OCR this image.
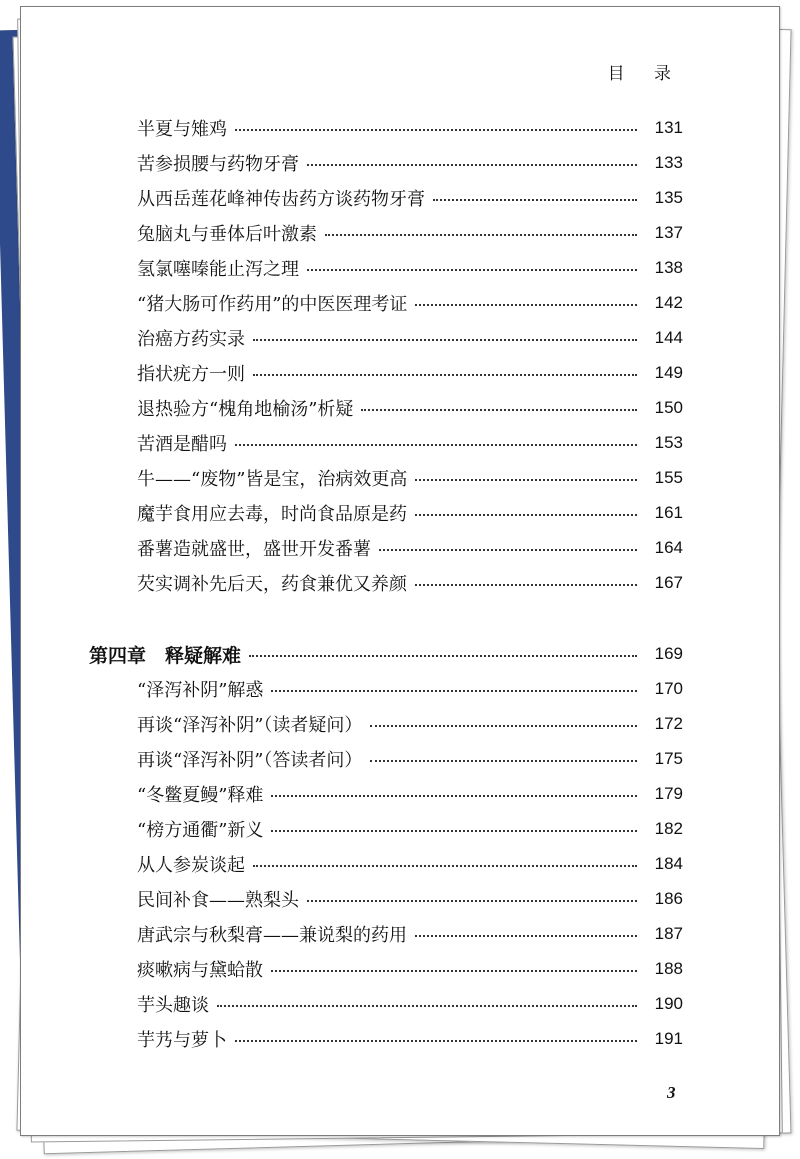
目 录
半夏与雉鸡	131
苦参损腰与药物牙膏	133
从西岳莲花峰神传齿药方谈药物牙膏	135
兔脑丸与垂体后叶激素	137
氢氯噻嗪能止泻之理	138
“猪大肠可作药用”的中医医理考证	142
治癌方药实录	144
指状疣方一则	149
退热验方“槐角地榆汤”析疑	150
苦酒是醋吗	153
牛——“废物”皆是宝，治病效更高	155
魔芋食用应去毒，时尚食品原是药	161
番薯造就盛世，盛世开发番薯	164
芡实调补先后天，药食兼优又养颜	167
第四章　释疑解难	169
“泽泻补阴”解惑	170
再谈“泽泻补阴”（读者疑问）	172
再谈“泽泻补阴”（答读者问）	175
“冬鳖夏鳗”释难	179
“榜方通衢”新义	182
从人参炭谈起	184
民间补食——熟梨头	186
唐武宗与秋梨膏——兼说梨的药用	187
痰嗽病与黛蛤散	188
芋头趣谈	190
芋艿与萝卜	191
3
